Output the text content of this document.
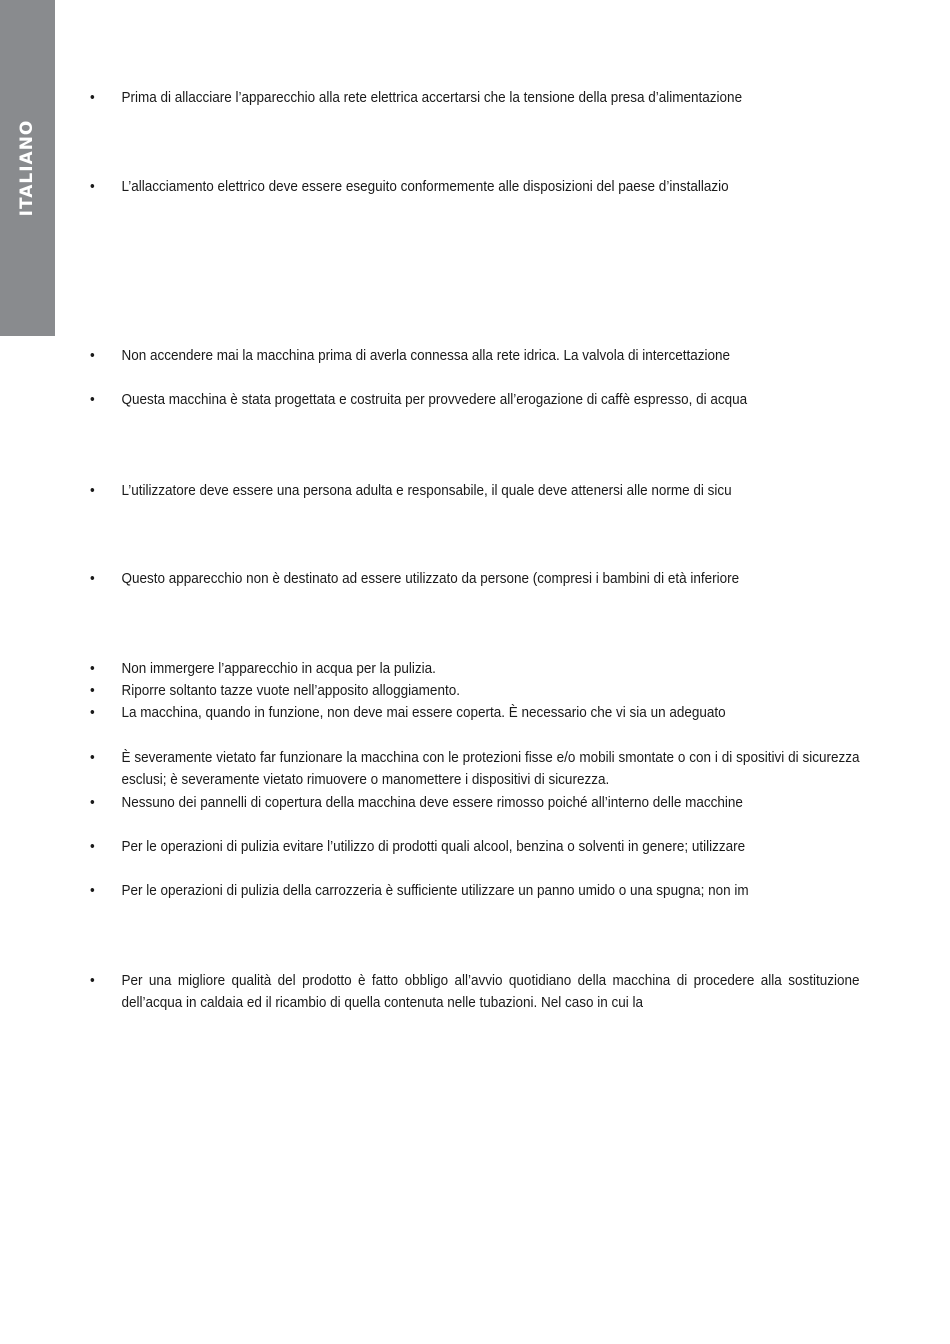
ITALIANO
•	Prima di allacciare l’apparecchio alla rete elettrica accertarsi che la tensione della presa d’alimentazione
•	L’allacciamento elettrico deve essere eseguito conformemente alle disposizioni del paese d’installazio
•	Non accendere mai la macchina prima di averla connessa alla rete idrica. La valvola di intercettazione
•	Questa macchina è stata progettata e costruita per provvedere all’erogazione di caffè espresso, di acqua
•	L’utilizzatore deve essere una persona adulta e responsabile, il quale deve attenersi alle norme di sicu
•	Questo apparecchio non è destinato ad essere utilizzato da persone (compresi i bambini di età inferiore
•	Non immergere l’apparecchio in acqua per la pulizia.
•	Riporre soltanto tazze vuote nell’apposito alloggiamento.
•	La macchina, quando in funzione, non deve mai essere coperta. È necessario che vi sia un adeguato
•	È severamente vietato far funzionare la macchina con le protezioni fisse e/o mobili smontate o con i di spositivi di sicurezza esclusi; è severamente vietato rimuovere o manomettere i dispositivi di sicurezza.
•	Nessuno dei pannelli di copertura della macchina deve essere rimosso poiché all’interno delle macchine
•	Per le operazioni di pulizia evitare l’utilizzo di prodotti quali alcool, benzina o solventi in genere; utilizzare
•	Per le operazioni di pulizia della carrozzeria è sufficiente utilizzare un panno umido o una spugna; non im
•	Per una migliore qualità del prodotto è fatto obbligo all’avvio quotidiano della macchina di procedere alla sostituzione dell’acqua in caldaia ed il ricambio di quella contenuta nelle tubazioni. Nel caso in cui la
